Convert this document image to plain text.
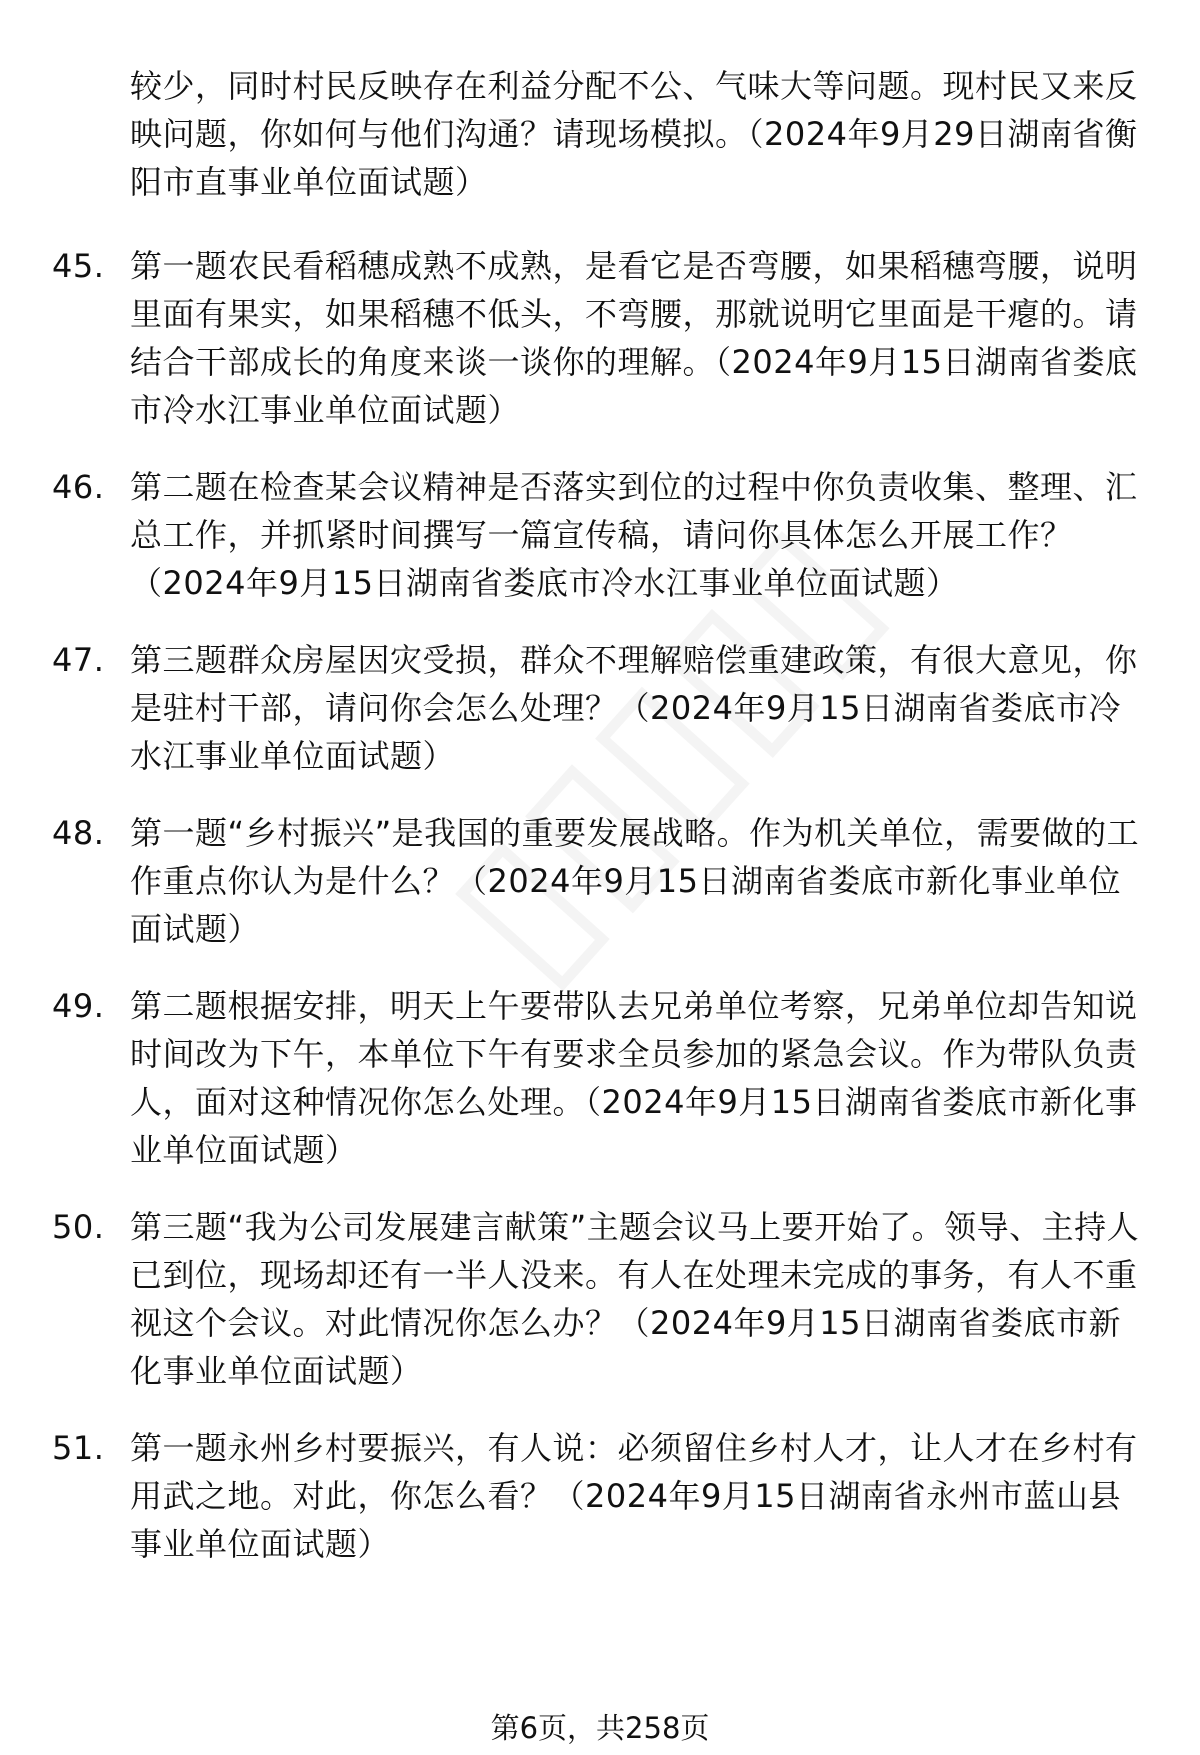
较少，同时村民反映存在利益分配不公、气味大等问题。现村民又来反映问题，你如何与他们沟通？请现场模拟。（2024年9月29日湖南省衡阳市直事业单位面试题）
45. 第一题农民看稻穗成熟不成熟，是看它是否弯腰，如果稻穗弯腰，说明里面有果实，如果稻穗不低头，不弯腰，那就说明它里面是干瘪的。请结合干部成长的角度来谈一谈你的理解。（2024年9月15日湖南省娄底市冷水江事业单位面试题）
46. 第二题在检查某会议精神是否落实到位的过程中你负责收集、整理、汇总工作，并抓紧时间撰写一篇宣传稿，请问你具体怎么开展工作？（2024年9月15日湖南省娄底市冷水江事业单位面试题）
47. 第三题群众房屋因灾受损，群众不理解赔偿重建政策，有很大意见，你是驻村干部，请问你会怎么处理？（2024年9月15日湖南省娄底市冷水江事业单位面试题）
48. 第一题“乡村振兴”是我国的重要发展战略。作为机关单位，需要做的工作重点你认为是什么？（2024年9月15日湖南省娄底市新化事业单位面试题）
49. 第二题根据安排，明天上午要带队去兄弟单位考察，兄弟单位却告知说时间改为下午，本单位下午有要求全员参加的紧急会议。作为带队负责人，面对这种情况你怎么处理。（2024年9月15日湖南省娄底市新化事业单位面试题）
50. 第三题“我为公司发展建言献策”主题会议马上要开始了。领导、主持人已到位，现场却还有一半人没来。有人在处理未完成的事务，有人不重视这个会议。对此情况你怎么办？（2024年9月15日湖南省娄底市新化事业单位面试题）
51. 第一题永州乡村要振兴，有人说：必须留住乡村人才，让人才在乡村有用武之地。对此，你怎么看？（2024年9月15日湖南省永州市蓝山县事业单位面试题）
第6页，共258页
